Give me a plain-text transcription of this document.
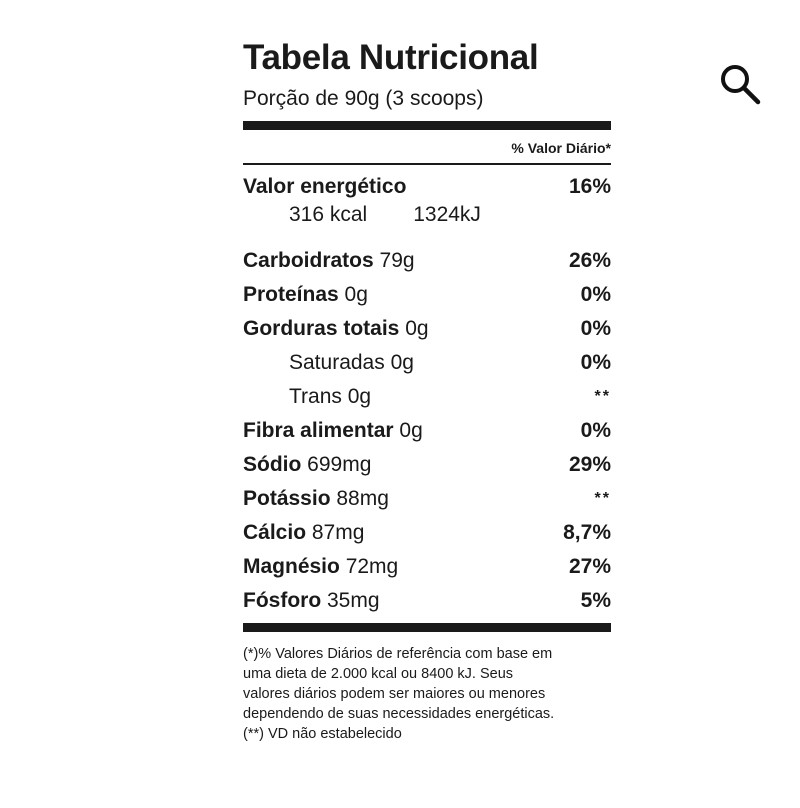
Tabela Nutricional
Porção de 90g (3 scoops)
% Valor Diário*
Valor energético	16%
316 kcal 1324kJ
Carboidratos 79g	26%
Proteínas 0g	0%
Gorduras totais 0g	0%
Saturadas 0g	0%
Trans 0g	**
Fibra alimentar 0g	0%
Sódio 699mg	29%
Potássio 88mg	**
Cálcio 87mg	8,7%
Magnésio 72mg	27%
Fósforo 35mg	5%

(*)% Valores Diários de referência com base em

uma dieta de 2.000 kcal ou 8400 kJ. Seus

valores diários podem ser maiores ou menores

dependendo de suas necessidades energéticas.

(**) VD não estabelecido
